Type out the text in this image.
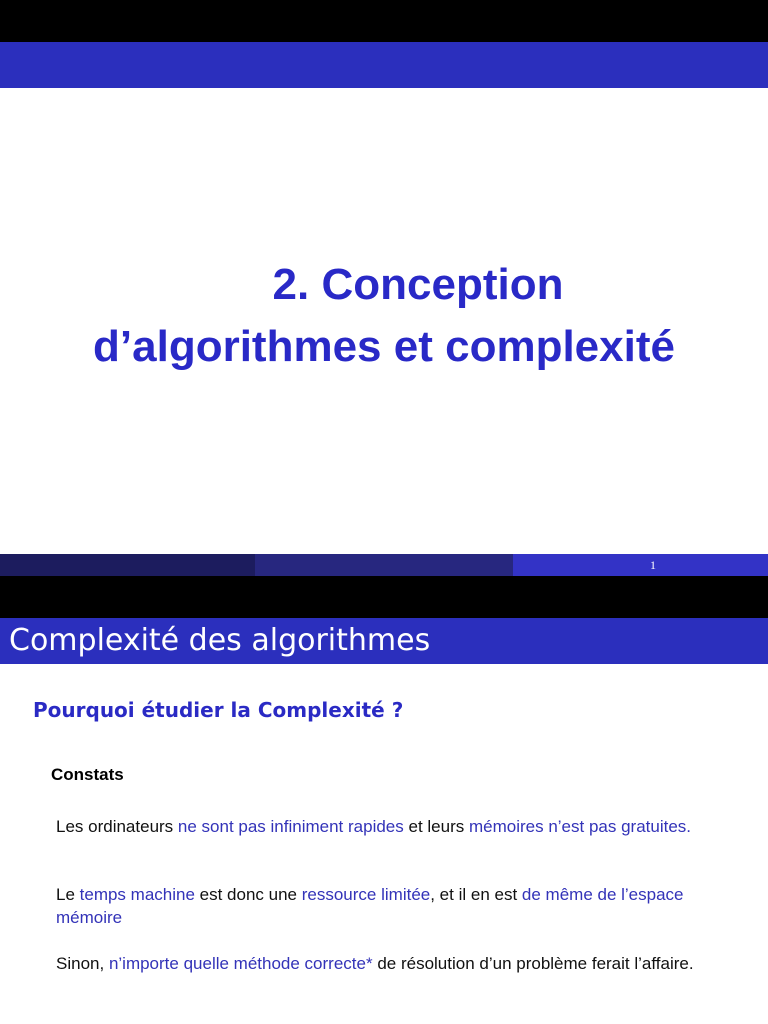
2. Conception
d’algorithmes et complexité
1
Complexité des algorithmes
Pourquoi étudier la Complexité ?
Constats
Les ordinateurs ne sont pas infiniment rapides et leurs mémoires n’est pas gratuites.
Le temps machine est donc une ressource limitée, et il en est de même de l’espace mémoire
Sinon, n’importe quelle méthode correcte* de résolution d’un problème ferait l’affaire.
